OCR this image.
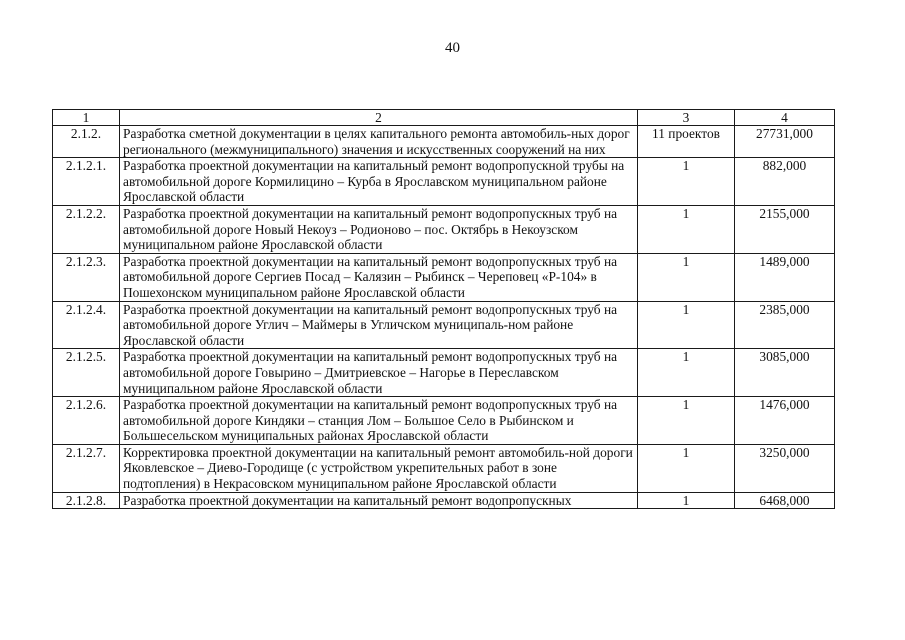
40
1	2	3	4
2.1.2.	Разработка сметной документации в целях капитального ремонта автомобиль-ных дорог регионального (межмуниципального) значения и искусственных сооружений на них	11 проектов	27731,000
2.1.2.1.	Разработка проектной документации на капитальный ремонт водопропускной трубы на автомобильной дороге Кормилицино – Курба в Ярославском муниципальном районе Ярославской области	1	882,000
2.1.2.2.	Разработка проектной документации на капитальный ремонт водопропускных труб на автомобильной дороге Новый Некоуз – Родионово – пос. Октябрь в Некоузском муниципальном районе Ярославской области	1	2155,000
2.1.2.3.	Разработка проектной документации на капитальный ремонт водопропускных труб на автомобильной дороге Сергиев Посад – Калязин – Рыбинск – Череповец «Р-104» в Пошехонском муниципальном районе Ярославской области	1	1489,000
2.1.2.4.	Разработка проектной документации на капитальный ремонт водопропускных труб на автомобильной дороге Углич – Маймеры в Угличском муниципаль-ном районе Ярославской области	1	2385,000
2.1.2.5.	Разработка проектной документации на капитальный ремонт водопропускных труб на автомобильной дороге Говырино – Дмитриевское – Нагорье в Переславском муниципальном районе Ярославской области	1	3085,000
2.1.2.6.	Разработка проектной документации на капитальный ремонт водопропускных труб на автомобильной дороге Киндяки – станция Лом – Большое Село в Рыбинском и Большесельском муниципальных районах Ярославской области	1	1476,000
2.1.2.7.	Корректировка проектной документации на капитальный ремонт автомобиль-ной дороги Яковлевское – Диево-Городище (с устройством укрепительных работ в зоне подтопления) в Некрасовском муниципальном районе Ярославской области	1	3250,000
2.1.2.8.	Разработка проектной документации на капитальный ремонт водопропускных	1	6468,000
